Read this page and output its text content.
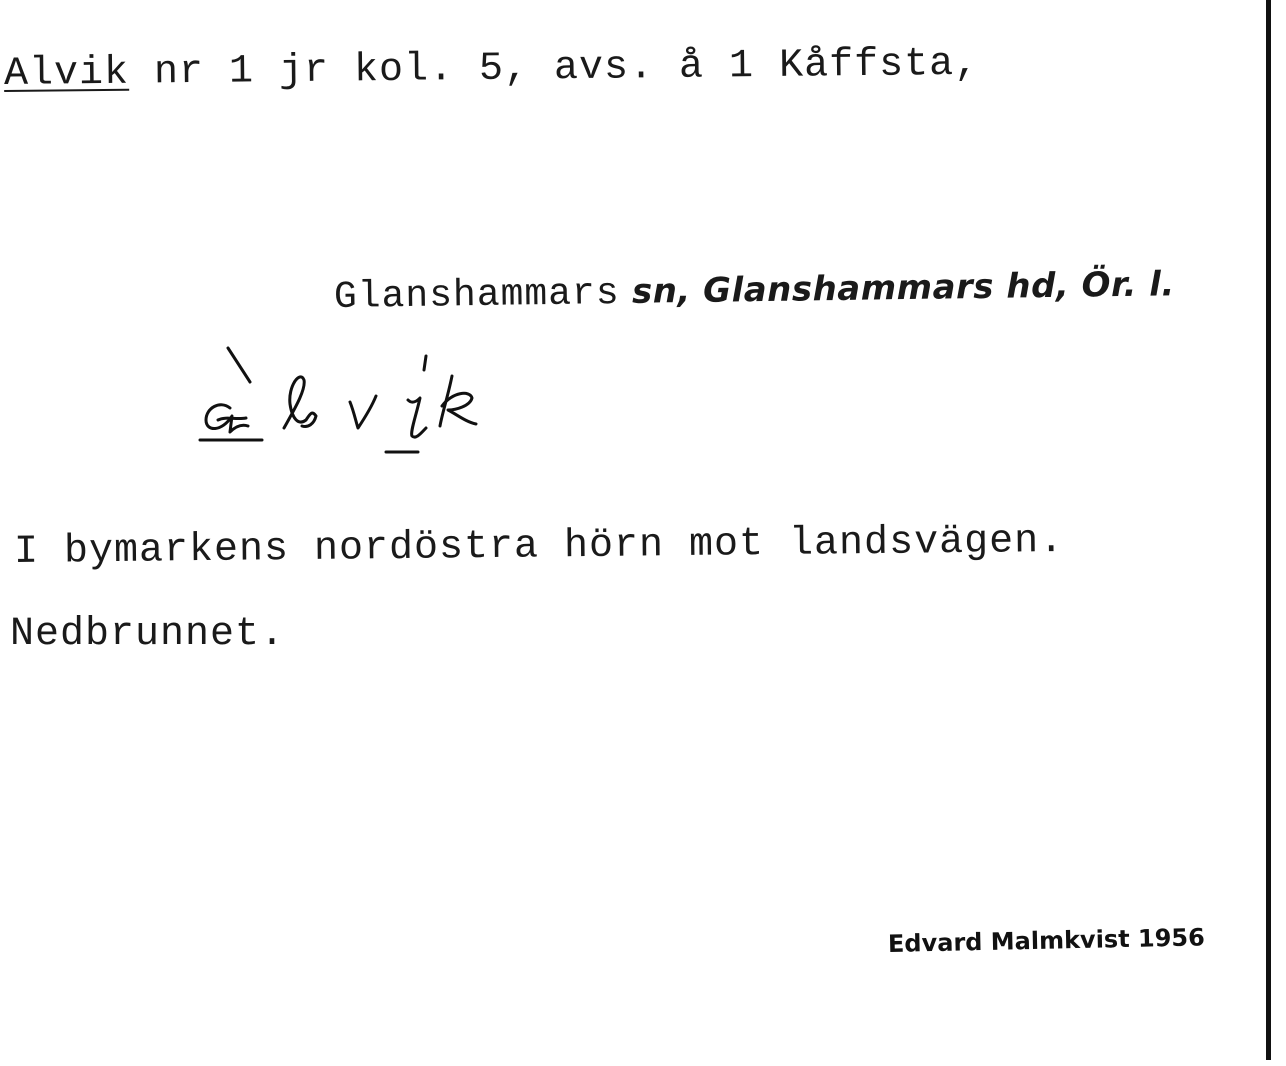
Alvik nr 1 jr kol. 5, avs. å 1 Kåffsta,
Glanshammars sn, Glanshammars hd, Ör. l.
I bymarkens nordöstra hörn mot landsvägen.
Nedbrunnet.
Edvard Malmkvist 1956
